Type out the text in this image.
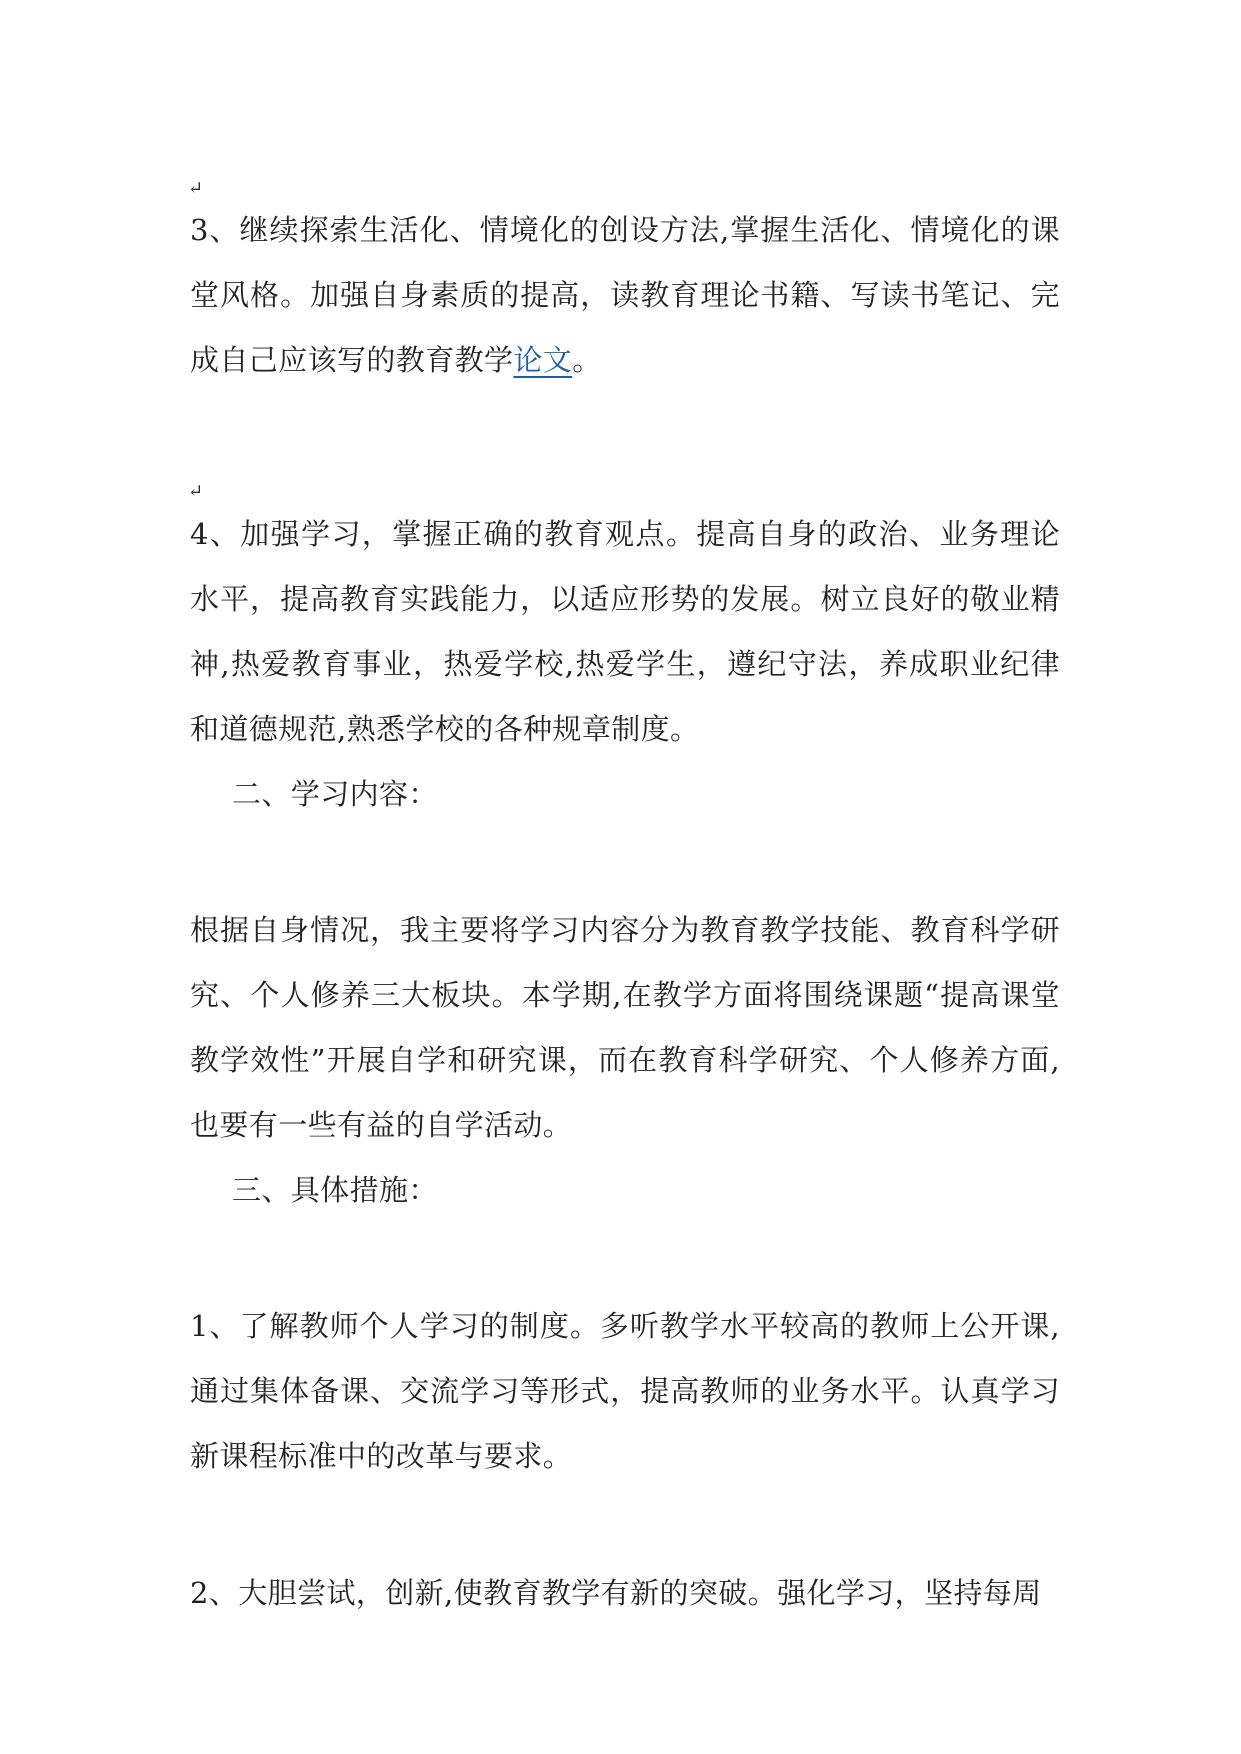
↵

3、继续探索生活化、情境化的创设方法,掌握生活化、情境化的课堂风格。加强自身素质的提高，读教育理论书籍、写读书笔记、完成自己应该写的教育教学论文。

↵

4、加强学习，掌握正确的教育观点。提高自身的政治、业务理论水平，提高教育实践能力，以适应形势的发展。树立良好的敬业精神,热爱教育事业，热爱学校,热爱学生，遵纪守法，养成职业纪律和道德规范,熟悉学校的各种规章制度。

二、学习内容：

根据自身情况，我主要将学习内容分为教育教学技能、教育科学研究、个人修养三大板块。本学期,在教学方面将围绕课题“提高课堂教学效性”开展自学和研究课，而在教育科学研究、个人修养方面,也要有一些有益的自学活动。

三、具体措施：

1、了解教师个人学习的制度。多听教学水平较高的教师上公开课,通过集体备课、交流学习等形式，提高教师的业务水平。认真学习新课程标准中的改革与要求。

2、大胆尝试，创新,使教育教学有新的突破。强化学习，坚持每周
